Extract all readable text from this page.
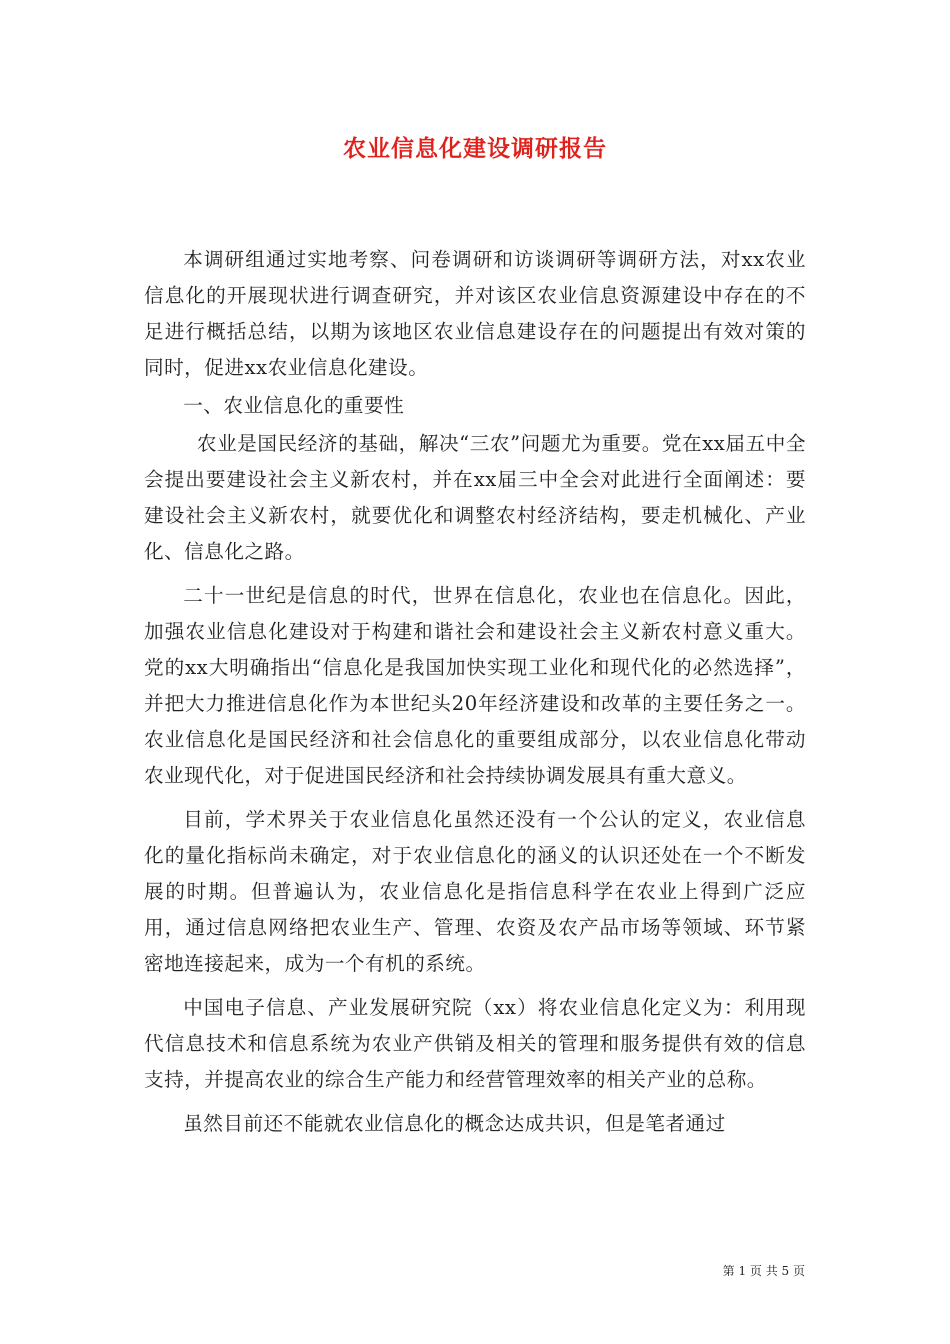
农业信息化建设调研报告

本调研组通过实地考察、问卷调研和访谈调研等调研方法，对xx农业信息化的开展现状进行调查研究，并对该区农业信息资源建设中存在的不足进行概括总结，以期为该地区农业信息建设存在的问题提出有效对策的同时，促进xx农业信息化建设。

一、农业信息化的重要性

农业是国民经济的基础，解决“三农”问题尤为重要。党在xx届五中全会提出要建设社会主义新农村，并在xx届三中全会对此进行全面阐述：要建设社会主义新农村，就要优化和调整农村经济结构，要走机械化、产业化、信息化之路。

二十一世纪是信息的时代，世界在信息化，农业也在信息化。因此，加强农业信息化建设对于构建和谐社会和建设社会主义新农村意义重大。党的xx大明确指出“信息化是我国加快实现工业化和现代化的必然选择”，并把大力推进信息化作为本世纪头20年经济建设和改革的主要任务之一。农业信息化是国民经济和社会信息化的重要组成部分，以农业信息化带动农业现代化，对于促进国民经济和社会持续协调发展具有重大意义。

目前，学术界关于农业信息化虽然还没有一个公认的定义，农业信息化的量化指标尚未确定，对于农业信息化的涵义的认识还处在一个不断发展的时期。但普遍认为，农业信息化是指信息科学在农业上得到广泛应用，通过信息网络把农业生产、管理、农资及农产品市场等领域、环节紧密地连接起来，成为一个有机的系统。

中国电子信息、产业发展研究院（xx）将农业信息化定义为：利用现代信息技术和信息系统为农业产供销及相关的管理和服务提供有效的信息支持，并提高农业的综合生产能力和经营管理效率的相关产业的总称。

虽然目前还不能就农业信息化的概念达成共识，但是笔者通过

第 1 页 共 5 页
